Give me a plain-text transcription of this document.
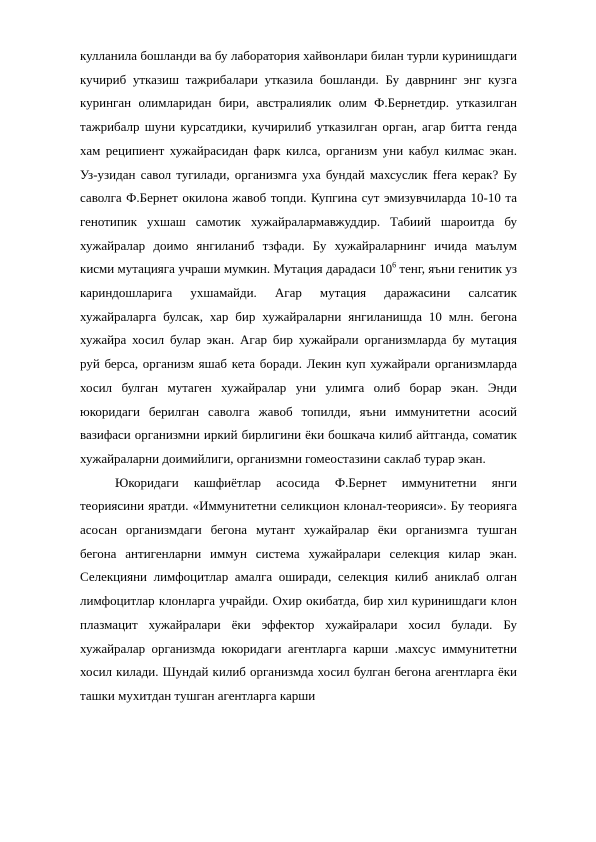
кулланила бошланди ва бу лаборатория хайвонлари билан турли куринишдаги кучириб утказиш тажрибалари утказила бошланди. Бу даврнинг энг кузга куринган олимларидан бири, австралиялик олим Ф.Бернетдир. утказилган тажрибалр шуни курсатдики, кучирилиб утказилган орган, агар битта генда хам реципиент хужайрасидан фарк килса, организм уни кабул килмас экан. Уз-узидан савол тугилади, организмга уха бундай махсуслик ffera керак? Бу саволга Ф.Бернет окилона жавоб топди. Купгина сут эмизувчиларда 10-10 та генотипик ухшаш самотик хужайралармавжуддир. Табиий шароитда бу хужайралар доимо янгиланиб тзфади. Бу хужайраларнинг ичида маълум кисми мутацияга учраши мумкин. Мутация дарадаси $10^6$ тенг, яъни генитик уз кариндошларига ухшамайди. Агар мутация даражасини салсатик хужайраларга булсак, хар бир хужайраларни янгиланишда 10 млн. бегона хужайра хосил булар экан. Агар бир хужайрали организмларда бу мутация руй берса, организм яшаб кета боради. Лекин куп хужайрали организмларда хосил булган мутаген хужайралар уни улимга олиб борар экан. Энди юкоридаги берилган саволга жавоб топилди, яъни иммунитетни асосий вазифаси организмни иркий бирлигини ёки бошкача килиб айтганда, соматик хужайраларни доимийлиги, организмни гомеостазини саклаб турар экан.

Юкоридаги кашфиётлар асосида Ф.Бернет иммунитетни янги теориясини яратди. «Иммунитетни селикцион клонал-теорияси». Бу теорияга асосан организмдаги бегона мутант хужайралар ёки организмга тушган бегона антигенларни иммун система хужайралари селекция килар экан. Селекцияни лимфоцитлар амалга оширади, селекция килиб аниклаб олган лимфоцитлар клонларга учрайди. Охир окибатда, бир хил куринишдаги клон плазмацит хужайралари ёки эффектор хужайралари хосил булади. Бу хужайралар организмда юкоридаги агентларга карши .махсус иммунитетни хосил килади. Шундай килиб организмда хосил булган бегона агентларга ёки ташки мухитдан тушган агентларга карши
